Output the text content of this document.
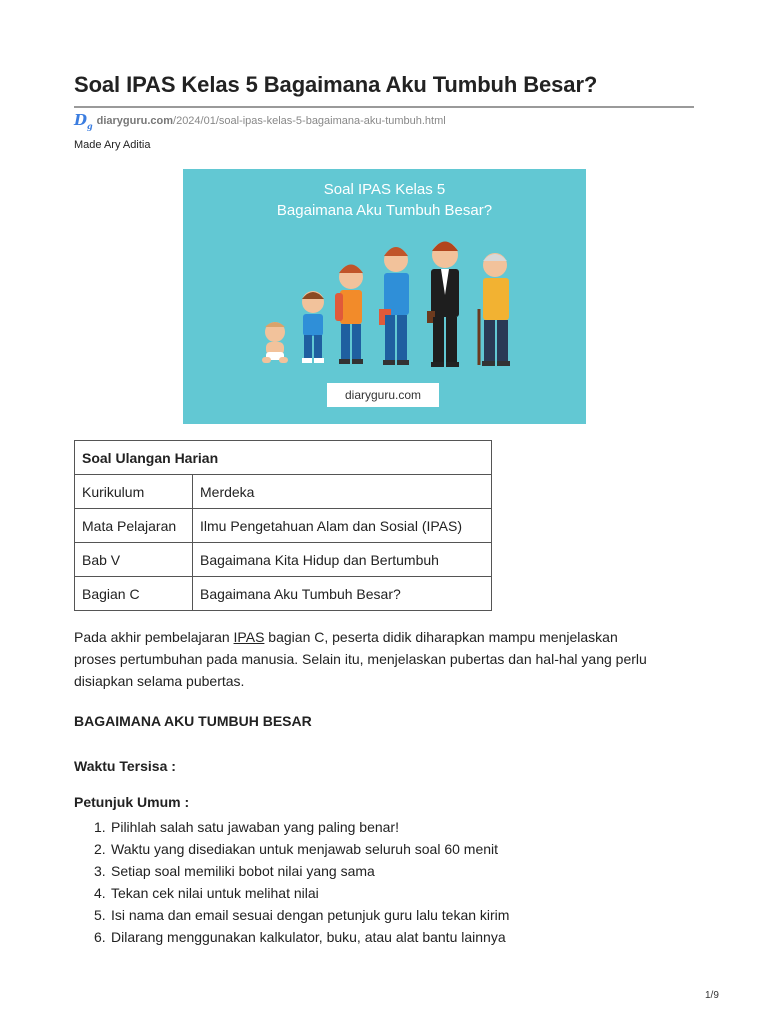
Soal IPAS Kelas 5 Bagaimana Aku Tumbuh Besar?
$D_g$ diaryguru.com /2024/01/soal-ipas-kelas-5-bagaimana-aku-tumbuh.html
Made Ary Aditia
Soal IPAS Kelas 5
Bagaimana Aku Tumbuh Besar?
diaryguru.com
Soal Ulangan Harian	
Kurikulum	Merdeka
Mata Pelajaran	Ilmu Pengetahuan Alam dan Sosial (IPAS)
Bab V	Bagaimana Kita Hidup dan Bertumbuh
Bagian C	Bagaimana Aku Tumbuh Besar?
Pada akhir pembelajaran IPAS bagian C, peserta didik diharapkan mampu menjelaskan
proses pertumbuhan pada manusia. Selain itu, menjelaskan pubertas dan hal-hal yang perlu
disiapkan selama pubertas.
BAGAIMANA AKU TUMBUH BESAR
Waktu Tersisa :
Petunjuk Umum :
1. Pilihlah salah satu jawaban yang paling benar!
2. Waktu yang disediakan untuk menjawab seluruh soal 60 menit
3. Setiap soal memiliki bobot nilai yang sama
4. Tekan cek nilai untuk melihat nilai
5. Isi nama dan email sesuai dengan petunjuk guru lalu tekan kirim
6. Dilarang menggunakan kalkulator, buku, atau alat bantu lainnya
1/9
